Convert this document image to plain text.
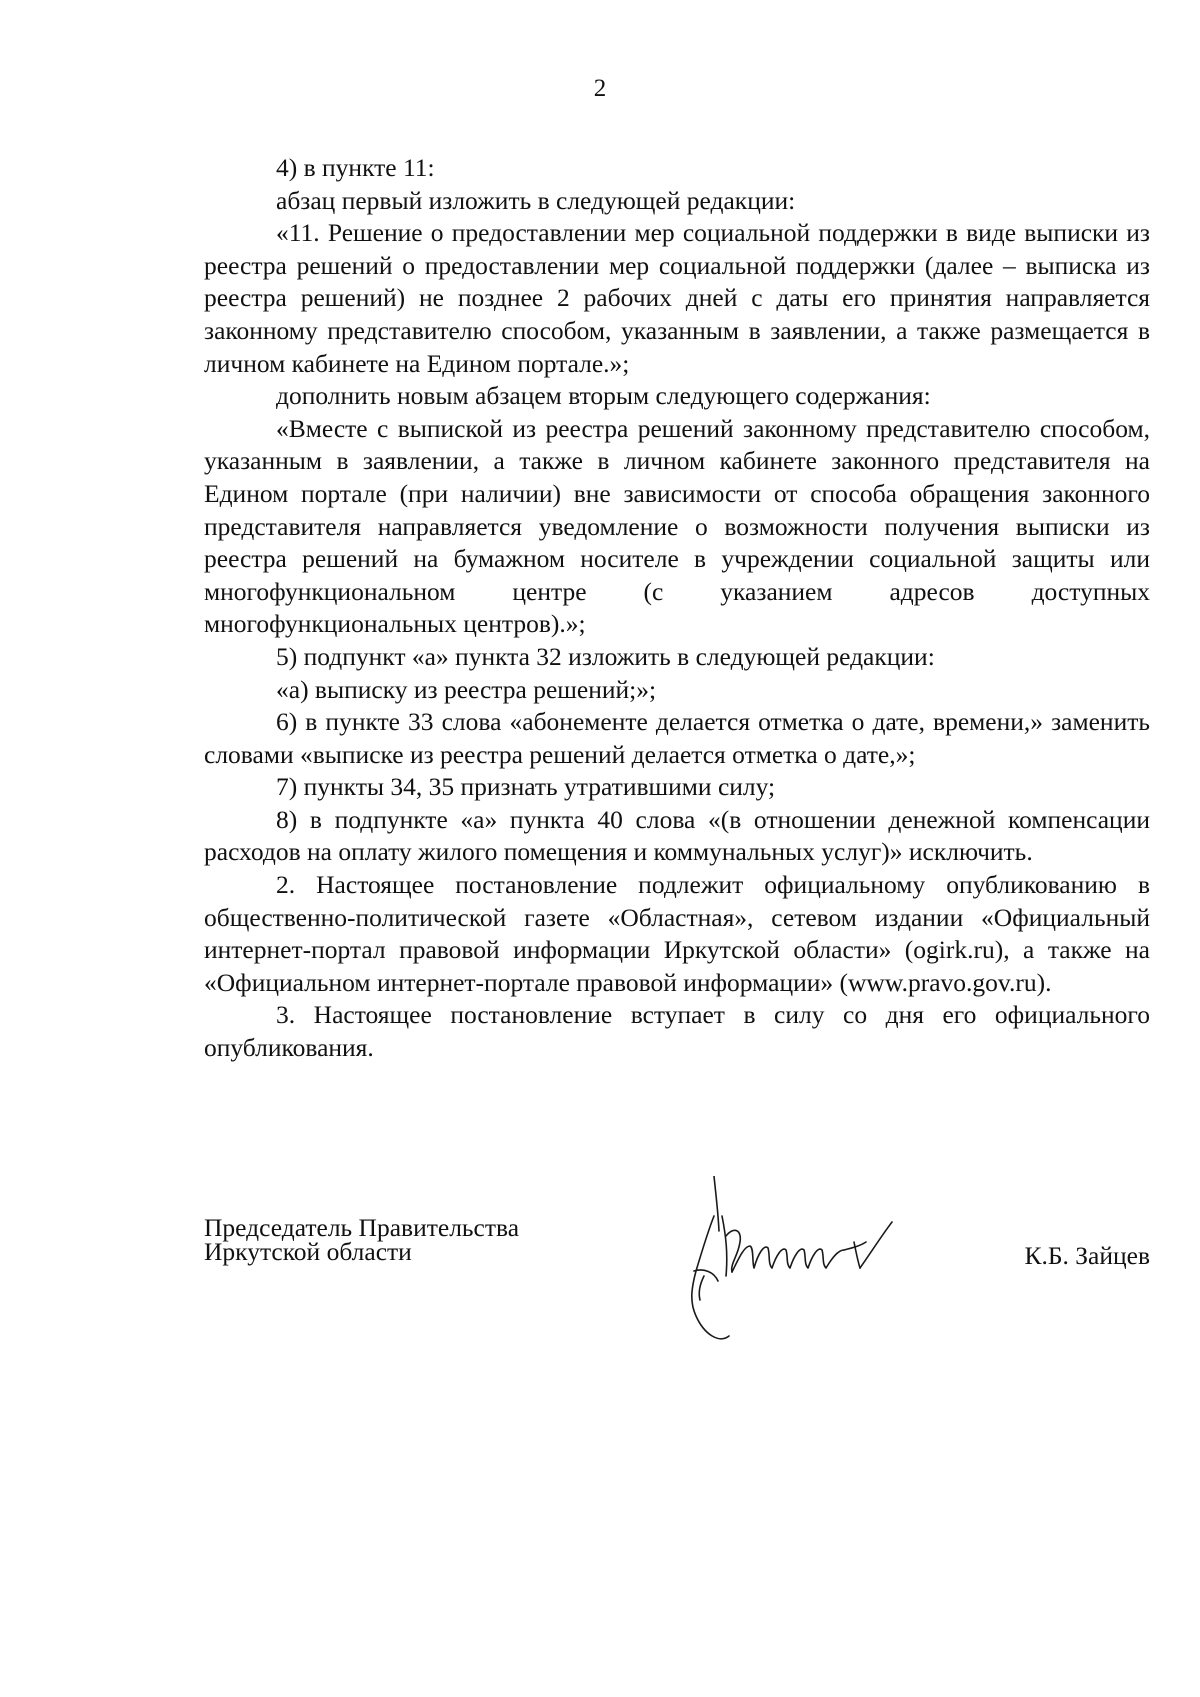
2

4) в пункте 11:

абзац первый изложить в следующей редакции:

«11. Решение о предоставлении мер социальной поддержки в виде выписки из реестра решений о предоставлении мер социальной поддержки (далее – выписка из реестра решений) не позднее 2 рабочих дней с даты его принятия направляется законному представителю способом, указанным в заявлении, а также размещается в личном кабинете на Едином портале.»;

дополнить новым абзацем вторым следующего содержания:

«Вместе с выпиской из реестра решений законному представителю способом, указанным в заявлении, а также в личном кабинете законного представителя на Едином портале (при наличии) вне зависимости от способа обращения законного представителя направляется уведомление о возможности получения выписки из реестра решений на бумажном носителе в учреждении социальной защиты или многофункциональном центре (с указанием адресов доступных многофункциональных центров).»;

5) подпункт «а» пункта 32 изложить в следующей редакции:

«а) выписку из реестра решений;»;

6) в пункте 33 слова «абонементе делается отметка о дате, времени,» заменить словами «выписке из реестра решений делается отметка о дате,»;

7) пункты 34, 35 признать утратившими силу;

8) в подпункте «а» пункта 40 слова «(в отношении денежной компенсации расходов на оплату жилого помещения и коммунальных услуг)» исключить.

2. Настоящее постановление подлежит официальному опубликованию в общественно-политической газете «Областная», сетевом издании «Официальный интернет-портал правовой информации Иркутской области» (ogirk.ru), а также на «Официальном интернет-портале правовой информации» (www.pravo.gov.ru).

3. Настоящее постановление вступает в силу со дня его официального опубликования.

Председатель Правительства
Иркутской области	К.Б. Зайцев
